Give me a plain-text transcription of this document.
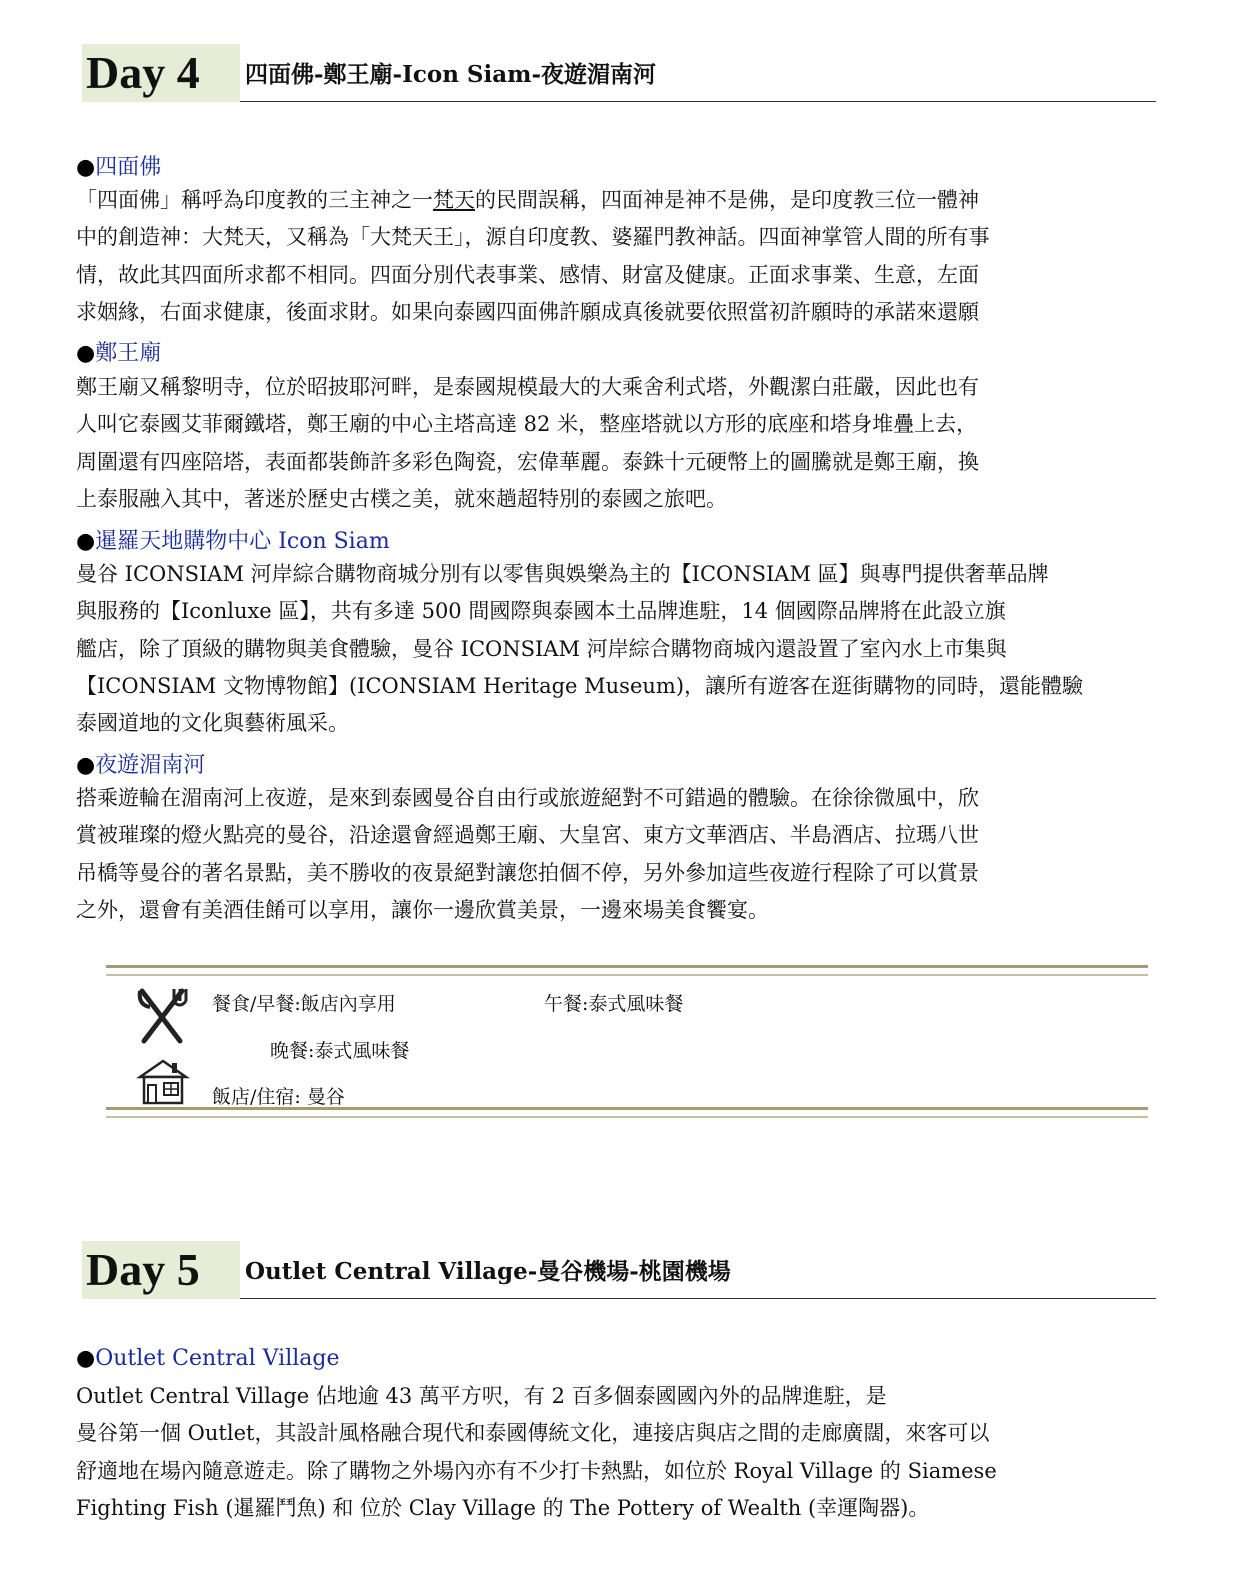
Day 4	四面佛-鄭王廟-Icon Siam-夜遊湄南河
●四面佛
「四面佛」稱呼為印度教的三主神之一梵天的民間誤稱，四面神是神不是佛，是印度教三位一體神
中的創造神：大梵天，又稱為「大梵天王」，源自印度教、婆羅門教神話。四面神掌管人間的所有事
情，故此其四面所求都不相同。四面分別代表事業、感情、財富及健康。正面求事業、生意，左面
求姻緣，右面求健康，後面求財。如果向泰國四面佛許願成真後就要依照當初許願時的承諾來還願
●鄭王廟
鄭王廟又稱黎明寺，位於昭披耶河畔，是泰國規模最大的大乘舍利式塔，外觀潔白莊嚴，因此也有
人叫它泰國艾菲爾鐵塔，鄭王廟的中心主塔高達 82 米，整座塔就以方形的底座和塔身堆疊上去，
周圍還有四座陪塔，表面都裝飾許多彩色陶瓷，宏偉華麗。泰銖十元硬幣上的圖騰就是鄭王廟，換
上泰服融入其中，著迷於歷史古樸之美，就來趟超特別的泰國之旅吧。
●暹羅天地購物中心 Icon Siam
曼谷 ICONSIAM 河岸綜合購物商城分別有以零售與娛樂為主的【ICONSIAM 區】與專門提供奢華品牌
與服務的【Iconluxe 區】，共有多達 500 間國際與泰國本土品牌進駐，14 個國際品牌將在此設立旗
艦店，除了頂級的購物與美食體驗，曼谷 ICONSIAM 河岸綜合購物商城內還設置了室內水上市集與
【ICONSIAM 文物博物館】(ICONSIAM Heritage Museum)，讓所有遊客在逛街購物的同時，還能體驗
泰國道地的文化與藝術風采。
●夜遊湄南河
搭乘遊輪在湄南河上夜遊，是來到泰國曼谷自由行或旅遊絕對不可錯過的體驗。在徐徐微風中，欣
賞被璀璨的燈火點亮的曼谷，沿途還會經過鄭王廟、大皇宮、東方文華酒店、半島酒店、拉瑪八世
吊橋等曼谷的著名景點，美不勝收的夜景絕對讓您拍個不停，另外參加這些夜遊行程除了可以賞景
之外，還會有美酒佳餚可以享用，讓你一邊欣賞美景，一邊來場美食饗宴。
餐食/早餐:飯店內享用	午餐:泰式風味餐
晚餐:泰式風味餐
飯店/住宿: 曼谷
Day 5	Outlet Central Village-曼谷機場-桃園機場
●Outlet Central Village
Outlet Central Village 佔地逾 43 萬平方呎，有 2 百多個泰國國內外的品牌進駐，是
曼谷第一個 Outlet，其設計風格融合現代和泰國傳統文化，連接店與店之間的走廊廣闊，來客可以
舒適地在場內隨意遊走。除了購物之外場內亦有不少打卡熱點，如位於 Royal Village 的 Siamese
Fighting Fish (暹羅鬥魚) 和 位於 Clay Village 的 The Pottery of Wealth (幸運陶器)。
